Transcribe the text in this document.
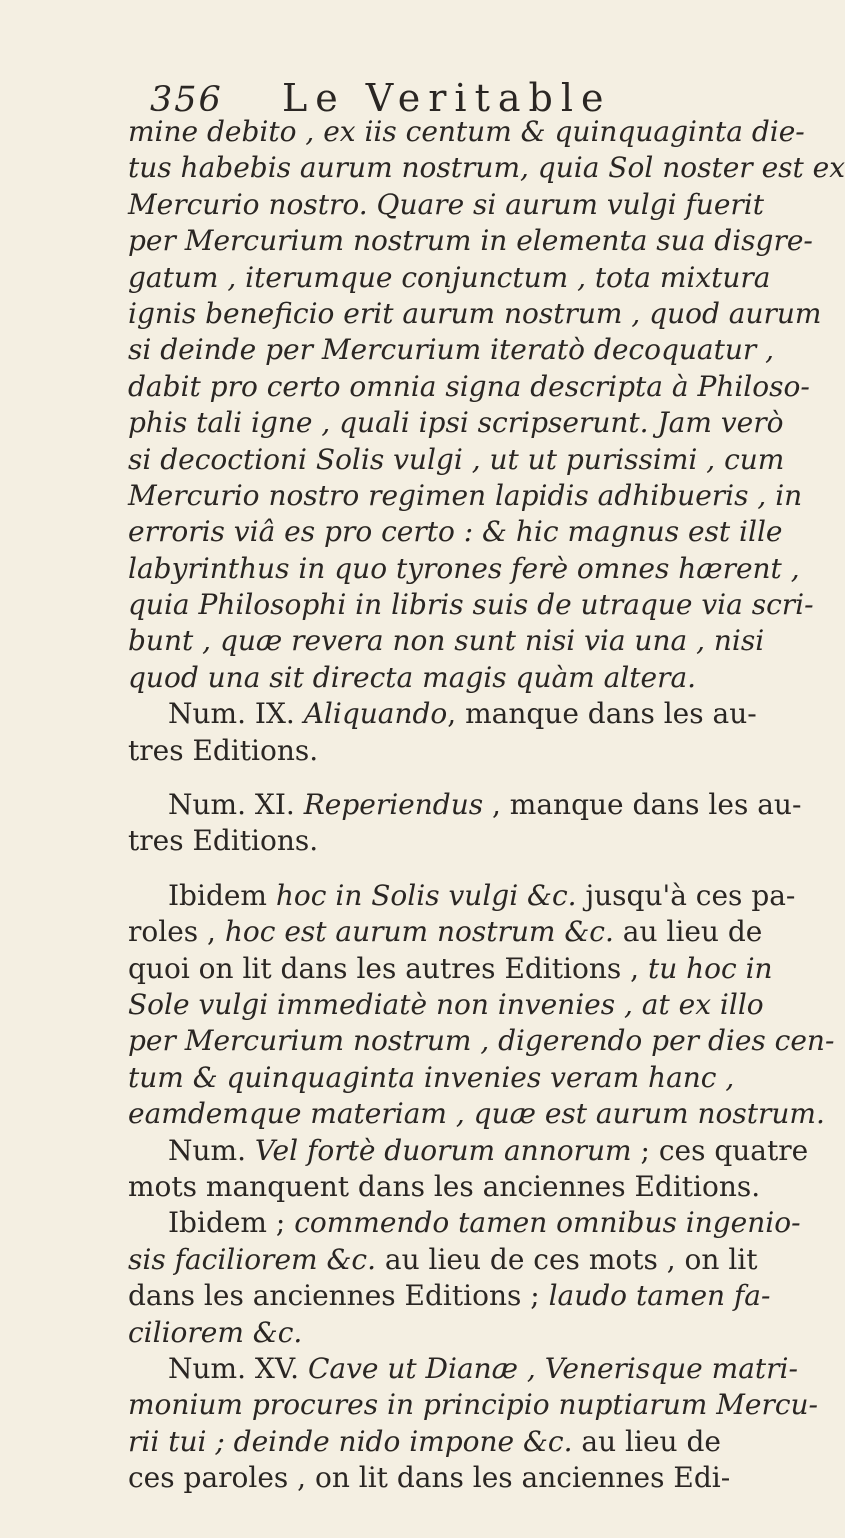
356 Le Veritable
mine debito , ex iis centum & quinquaginta die-
tus habebis aurum nostrum, quia Sol noster est ex
Mercurio nostro. Quare si aurum vulgi fuerit
per Mercurium nostrum in elementa sua disgre-
gatum , iterumque conjunctum , tota mixtura
ignis beneficio erit aurum nostrum , quod aurum
si deinde per Mercurium iteratò decoquatur ,
dabit pro certo omnia signa descripta à Philoso-
phis tali igne , quali ipsi scripserunt. Jam verò
si decoctioni Solis vulgi , ut ut purissimi , cum
Mercurio nostro regimen lapidis adhibueris , in
erroris viâ es pro certo : & hic magnus est ille
labyrinthus in quo tyrones ferè omnes hærent ,
quia Philosophi in libris suis de utraque via scri-
bunt , quæ revera non sunt nisi via una , nisi
quod una sit directa magis quàm altera.
Num. IX. Aliquando, manque dans les au-
tres Editions.
Num. XI. Reperiendus , manque dans les au-
tres Editions.
Ibidem hoc in Solis vulgi &c. jusqu'à ces pa-
roles , hoc est aurum nostrum &c. au lieu de
quoi on lit dans les autres Editions , tu hoc in
Sole vulgi immediatè non invenies , at ex illo
per Mercurium nostrum , digerendo per dies cen-
tum & quinquaginta invenies veram hanc ,
eamdemque materiam , quæ est aurum nostrum.
Num. Vel fortè duorum annorum ; ces quatre
mots manquent dans les anciennes Editions.
Ibidem ; commendo tamen omnibus ingenio-
sis faciliorem &c. au lieu de ces mots , on lit
dans les anciennes Editions ; laudo tamen fa-
ciliorem &c.
Num. XV. Cave ut Dianæ , Venerisque matri-
monium procures in principio nuptiarum Mercu-
rii tui ; deinde nido impone &c. au lieu de
ces paroles , on lit dans les anciennes Edi-
